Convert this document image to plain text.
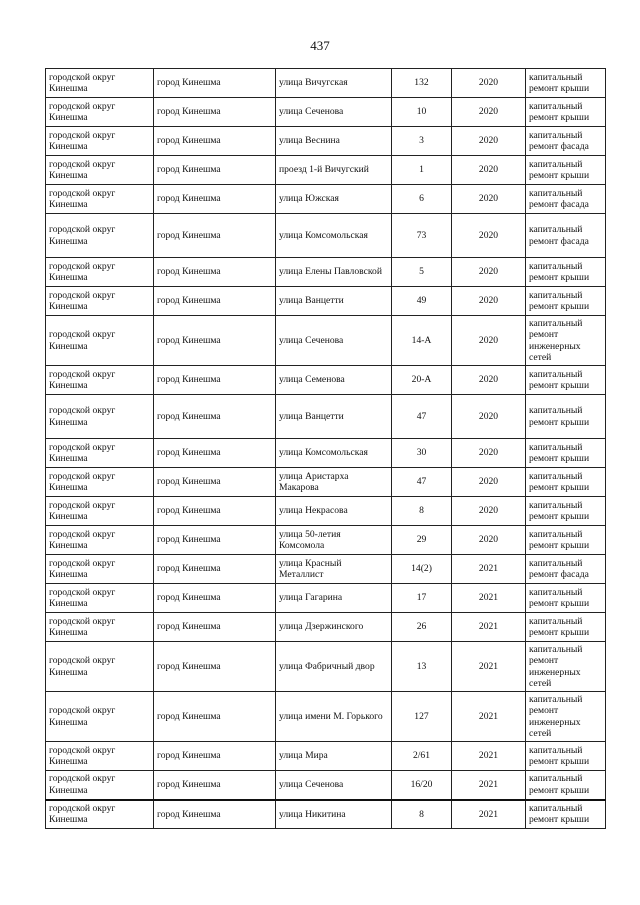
437
городской округ Кинешма	город Кинешма	улица Вичугская	132	2020	капитальный ремонт крыши
городской округ Кинешма	город Кинешма	улица Сеченова	10	2020	капитальный ремонт крыши
городской округ Кинешма	город Кинешма	улица Веснина	3	2020	капитальный ремонт фасада
городской округ Кинешма	город Кинешма	проезд 1-й Вичугский	1	2020	капитальный ремонт крыши
городской округ Кинешма	город Кинешма	улица Южская	6	2020	капитальный ремонт фасада
городской округ Кинешма	город Кинешма	улица Комсомольская	73	2020	капитальный ремонт фасада
городской округ Кинешма	город Кинешма	улица Елены Павловской	5	2020	капитальный ремонт крыши
городской округ Кинешма	город Кинешма	улица Ванцетти	49	2020	капитальный ремонт крыши
городской округ Кинешма	город Кинешма	улица Сеченова	14-А	2020	капитальный ремонт инженерных сетей
городской округ Кинешма	город Кинешма	улица Семенова	20-А	2020	капитальный ремонт крыши
городской округ Кинешма	город Кинешма	улица Ванцетти	47	2020	капитальный ремонт крыши
городской округ Кинешма	город Кинешма	улица Комсомольская	30	2020	капитальный ремонт крыши
городской округ Кинешма	город Кинешма	улица Аристарха Макарова	47	2020	капитальный ремонт крыши
городской округ Кинешма	город Кинешма	улица Некрасова	8	2020	капитальный ремонт крыши
городской округ Кинешма	город Кинешма	улица 50-летия Комсомола	29	2020	капитальный ремонт крыши
городской округ Кинешма	город Кинешма	улица Красный Металлист	14(2)	2021	капитальный ремонт фасада
городской округ Кинешма	город Кинешма	улица Гагарина	17	2021	капитальный ремонт крыши
городской округ Кинешма	город Кинешма	улица Дзержинского	26	2021	капитальный ремонт крыши
городской округ Кинешма	город Кинешма	улица Фабричный двор	13	2021	капитальный ремонт инженерных сетей
городской округ Кинешма	город Кинешма	улица имени М. Горького	127	2021	капитальный ремонт инженерных сетей
городской округ Кинешма	город Кинешма	улица Мира	2/61	2021	капитальный ремонт крыши
городской округ Кинешма	город Кинешма	улица Сеченова	16/20	2021	капитальный ремонт крыши
городской округ Кинешма	город Кинешма	улица Никитина	8	2021	капитальный ремонт крыши
